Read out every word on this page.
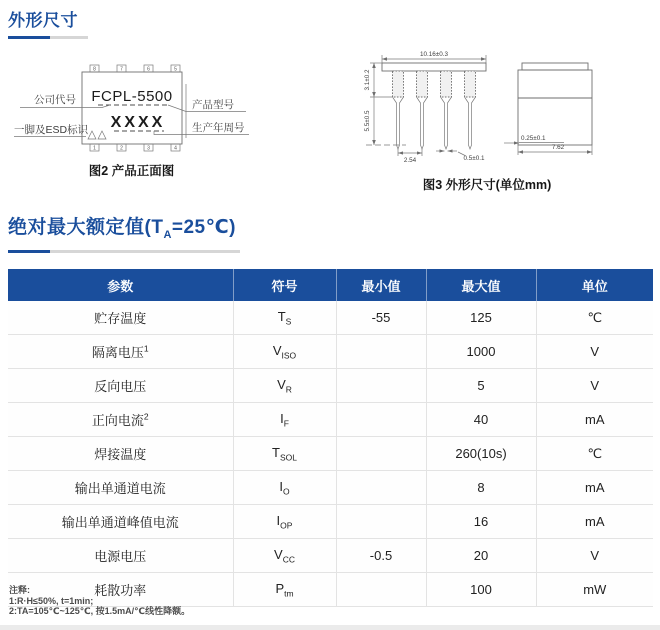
外形尺寸
8	7	6	5
1	2	3	4
FCPL-5500
XXXX
公司代号
一脚及ESD标识
产品型号
生产年周号
图2 产品正面图
10.16±0.3
3.1±0.2
5.5±0.5
2.54	0.5±0.1
0.25±0.1
7.62
图3 外形尺寸(单位mm)
绝对最大额定值$(T_A=25℃)$
参数	符号	最小值	最大值	单位
贮存温度	$T_S$	-55	125	℃
隔离电压$^1$	$V_{ISO}$		1000	V
反向电压	$V_R$		5	V
正向电流$^2$	$I_F$		40	mA
焊接温度	$T_{SOL}$		260(10s)	℃
输出单通道电流	$I_O$		8	mA
输出单通道峰值电流	$I_{OP}$		16	mA
电源电压	$V_{CC}$	-0.5	20	V
耗散功率	$P_{tm}$		100	mW
注释:
1:R·H≤50%, t=1min;
2:TA=105℃~125℃, 按1.5mA/℃线性降额。
